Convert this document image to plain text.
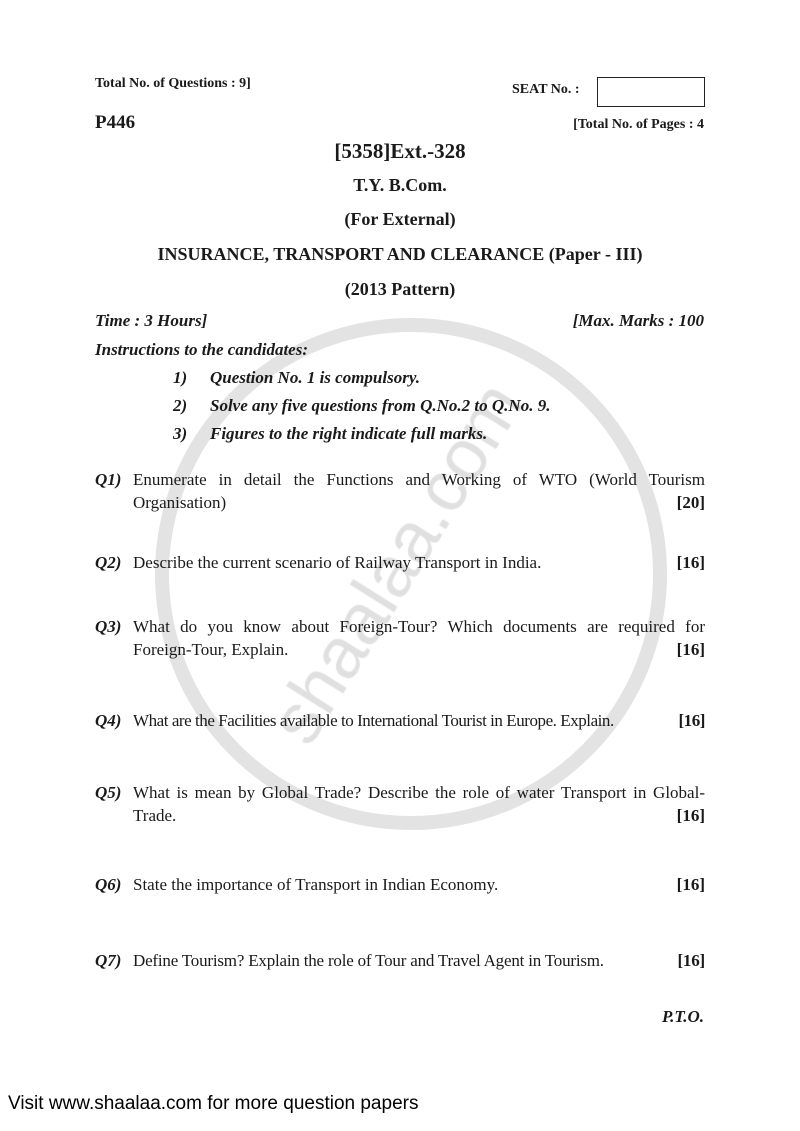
Total No. of Questions : 9]	SEAT No. :
P446	[Total No. of Pages : 4
[5358]Ext.-328
T.Y. B.Com.
(For External)
INSURANCE, TRANSPORT AND CLEARANCE (Paper - III)
(2013 Pattern)
Time : 3 Hours]	[Max. Marks : 100
Instructions to the candidates:
1) Question No. 1 is compulsory.
2) Solve any five questions from Q.No.2 to Q.No. 9.
3) Figures to the right indicate full marks.
Q1) Enumerate in detail the Functions and Working of WTO (World Tourism Organisation)	[20]
Q2) Describe the current scenario of Railway Transport in India.	[16]
Q3) What do you know about Foreign-Tour? Which documents are required for Foreign-Tour, Explain.	[16]
Q4) What are the Facilities available to International Tourist in Europe. Explain.	[16]
Q5) What is mean by Global Trade? Describe the role of water Transport in Global-Trade.	[16]
Q6) State the importance of Transport in Indian Economy.	[16]
Q7) Define Tourism? Explain the role of Tour and Travel Agent in Tourism.	[16]
P.T.O.
Visit www.shaalaa.com for more question papers
